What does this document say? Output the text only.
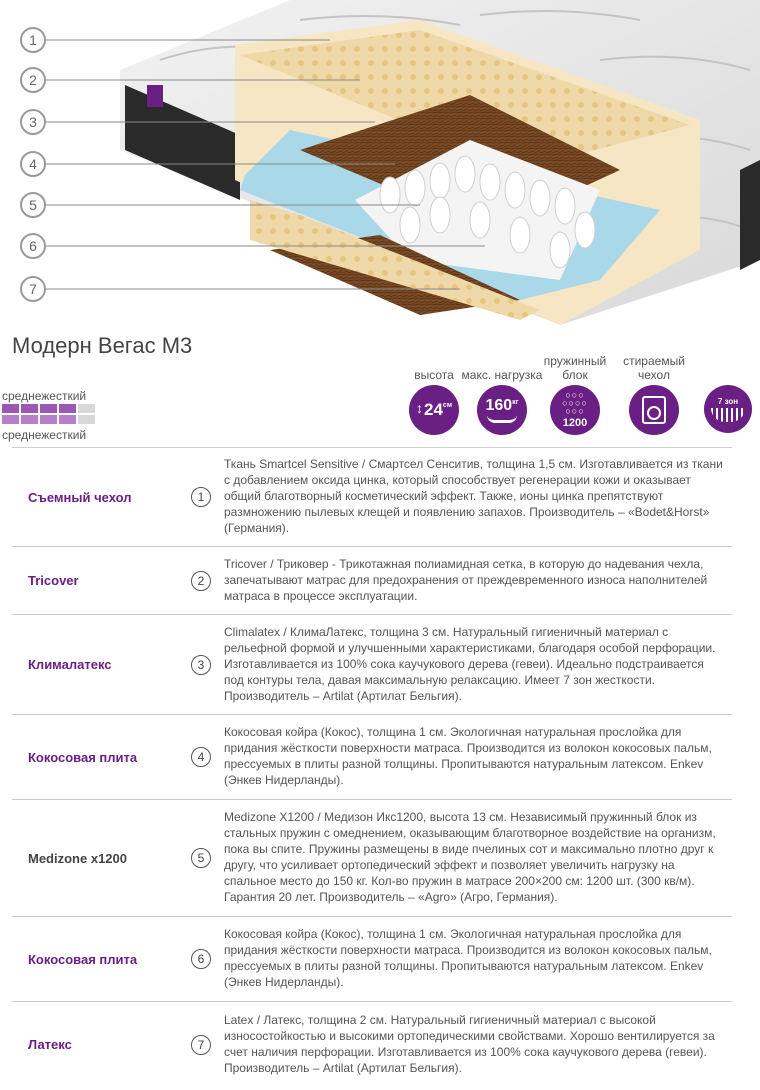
1
2
3
4
5
6
7
Модерн Вегас М3
среднежесткий
среднежесткий
высота
↕ 24 см
макс. нагрузка
160 кг
пружинный блок
○○○
○○○○
○○○
1200
стираемый чехол
7 зон
Съемный чехол	1	Ткань Smartcel Sensitive / Смартсел Сенситив, толщина 1,5 см. Изготавливается из ткани с добавлением оксида цинка, который способствует регенерации кожи и оказывает общий благотворный косметический эффект. Также, ионы цинка препятствуют размножению пылевых клещей и появлению запахов. Производитель – «Bodet&Horst» (Германия).
Tricover	2	Tricover / Триковер - Трикотажная полиамидная сетка, в которую до надевания чехла, запечатывают матрас для предохранения от преждевременного износа наполнителей матраса в процессе эксплуатации.
Клималатекс	3	Climalatex / КлимаЛатекс, толщина 3 см. Натуральный гигиеничный материал с рельефной формой и улучшенными характеристиками, благодаря особой перфорации. Изготавливается из 100% сока каучукового дерева (гевеи). Идеально подстраивается под контуры тела, давая максимальную релаксацию. Имеет 7 зон жесткости. Производитель – Artilat (Артилат Бельгия).
Кокосовая плита	4	Кокосовая койра (Кокос), толщина 1 см. Экологичная натуральная прослойка для придания жёсткости поверхности матраса. Производится из волокон кокосовых пальм, прессуемых в плиты разной толщины. Пропитываются натуральным латексом. Enkev (Энкев Нидерланды).
Medizone x1200	5	Medizone X1200 / Медизон Икс1200, высота 13 см. Независимый пружинный блок из стальных пружин с омеднением, оказывающим благотворное воздействие на организм, пока вы спите. Пружины размещены в виде пчелиных сот и максимально плотно друг к другу, что усиливает ортопедический эффект и позволяет увеличить нагрузку на спальное место до 150 кг. Кол-во пружин в матрасе 200×200 см: 1200 шт. (300 кв/м). Гарантия 20 лет. Производитель – «Agro» (Агро, Германия).
Кокосовая плита	6	Кокосовая койра (Кокос), толщина 1 см. Экологичная натуральная прослойка для придания жёсткости поверхности матраса. Производится из волокон кокосовых пальм, прессуемых в плиты разной толщины. Пропитываются натуральным латексом. Enkev (Энкев Нидерланды).
Латекс	7	Latex / Латекс, толщина 2 см. Натуральный гигиеничный материал с высокой износостойкостью и высокими ортопедическими свойствами. Хорошо вентилируется за счет наличия перфорации. Изготавливается из 100% сока каучукового дерева (гевеи). Производитель – Artilat (Артилат Бельгия).
